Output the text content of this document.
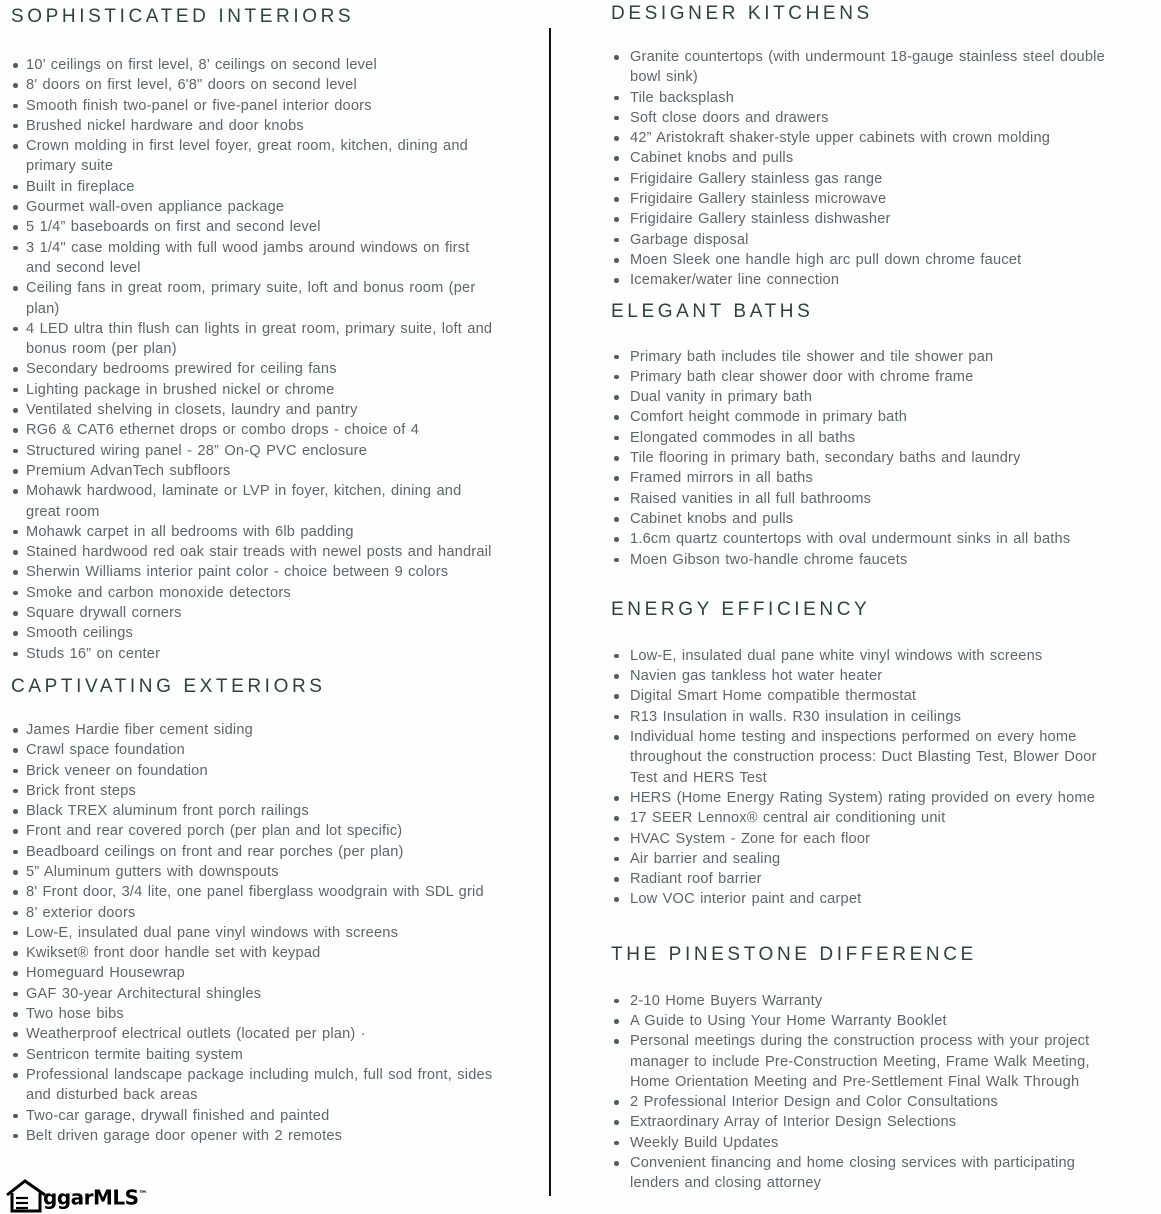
SOPHISTICATED INTERIORS
10’ ceilings on first level, 8’ ceilings on second level
8' doors on first level, 6'8" doors on second level
Smooth finish two-panel or five-panel interior doors
Brushed nickel hardware and door knobs
Crown molding in first level foyer, great room, kitchen, dining and primary suite
Built in fireplace
Gourmet wall-oven appliance package
5 1/4” baseboards on first and second level
3 1/4" case molding with full wood jambs around windows on first and second level
Ceiling fans in great room, primary suite, loft and bonus room (per plan)
4 LED ultra thin flush can lights in great room, primary suite, loft and bonus room (per plan)
Secondary bedrooms prewired for ceiling fans
Lighting package in brushed nickel or chrome
Ventilated shelving in closets, laundry and pantry
RG6 & CAT6 ethernet drops or combo drops - choice of 4
Structured wiring panel - 28” On-Q PVC enclosure
Premium AdvanTech subfloors
Mohawk hardwood, laminate or LVP in foyer, kitchen, dining and great room
Mohawk carpet in all bedrooms with 6lb padding
Stained hardwood red oak stair treads with newel posts and handrail
Sherwin Williams interior paint color - choice between 9 colors
Smoke and carbon monoxide detectors
Square drywall corners
Smooth ceilings
Studs 16” on center
CAPTIVATING EXTERIORS
James Hardie fiber cement siding
Crawl space foundation
Brick veneer on foundation
Brick front steps
Black TREX aluminum front porch railings
Front and rear covered porch (per plan and lot specific)
Beadboard ceilings on front and rear porches (per plan)
5” Aluminum gutters with downspouts
8' Front door, 3/4 lite, one panel fiberglass woodgrain with SDL grid
8’ exterior doors
Low-E, insulated dual pane vinyl windows with screens
Kwikset® front door handle set with keypad
Homeguard Housewrap
GAF 30-year Architectural shingles
Two hose bibs
Weatherproof electrical outlets (located per plan) ·
Sentricon termite baiting system
Professional landscape package including mulch, full sod front, sides and disturbed back areas
Two-car garage, drywall finished and painted
Belt driven garage door opener with 2 remotes
DESIGNER KITCHENS
Granite countertops (with undermount 18-gauge stainless steel double bowl sink)
Tile backsplash
Soft close doors and drawers
42” Aristokraft shaker-style upper cabinets with crown molding
Cabinet knobs and pulls
Frigidaire Gallery stainless gas range
Frigidaire Gallery stainless microwave
Frigidaire Gallery stainless dishwasher
Garbage disposal
Moen Sleek one handle high arc pull down chrome faucet
Icemaker/water line connection
ELEGANT BATHS
Primary bath includes tile shower and tile shower pan
Primary bath clear shower door with chrome frame
Dual vanity in primary bath
Comfort height commode in primary bath
Elongated commodes in all baths
Tile flooring in primary bath, secondary baths and laundry
Framed mirrors in all baths
Raised vanities in all full bathrooms
Cabinet knobs and pulls
1.6cm quartz countertops with oval undermount sinks in all baths
Moen Gibson two-handle chrome faucets
ENERGY EFFICIENCY
Low-E, insulated dual pane white vinyl windows with screens
Navien gas tankless hot water heater
Digital Smart Home compatible thermostat
R13 Insulation in walls. R30 insulation in ceilings
Individual home testing and inspections performed on every home throughout the construction process: Duct Blasting Test, Blower Door Test and HERS Test
HERS (Home Energy Rating System) rating provided on every home
17 SEER Lennox® central air conditioning unit
HVAC System - Zone for each floor
Air barrier and sealing
Radiant roof barrier
Low VOC interior paint and carpet
THE PINESTONE DIFFERENCE
2-10 Home Buyers Warranty
A Guide to Using Your Home Warranty Booklet
Personal meetings during the construction process with your project manager to include Pre-Construction Meeting, Frame Walk Meeting, Home Orientation Meeting and Pre-Settlement Final Walk Through
2 Professional Interior Design and Color Consultations
Extraordinary Array of Interior Design Selections
Weekly Build Updates
Convenient financing and home closing services with participating lenders and closing attorney
ggarMLS™
